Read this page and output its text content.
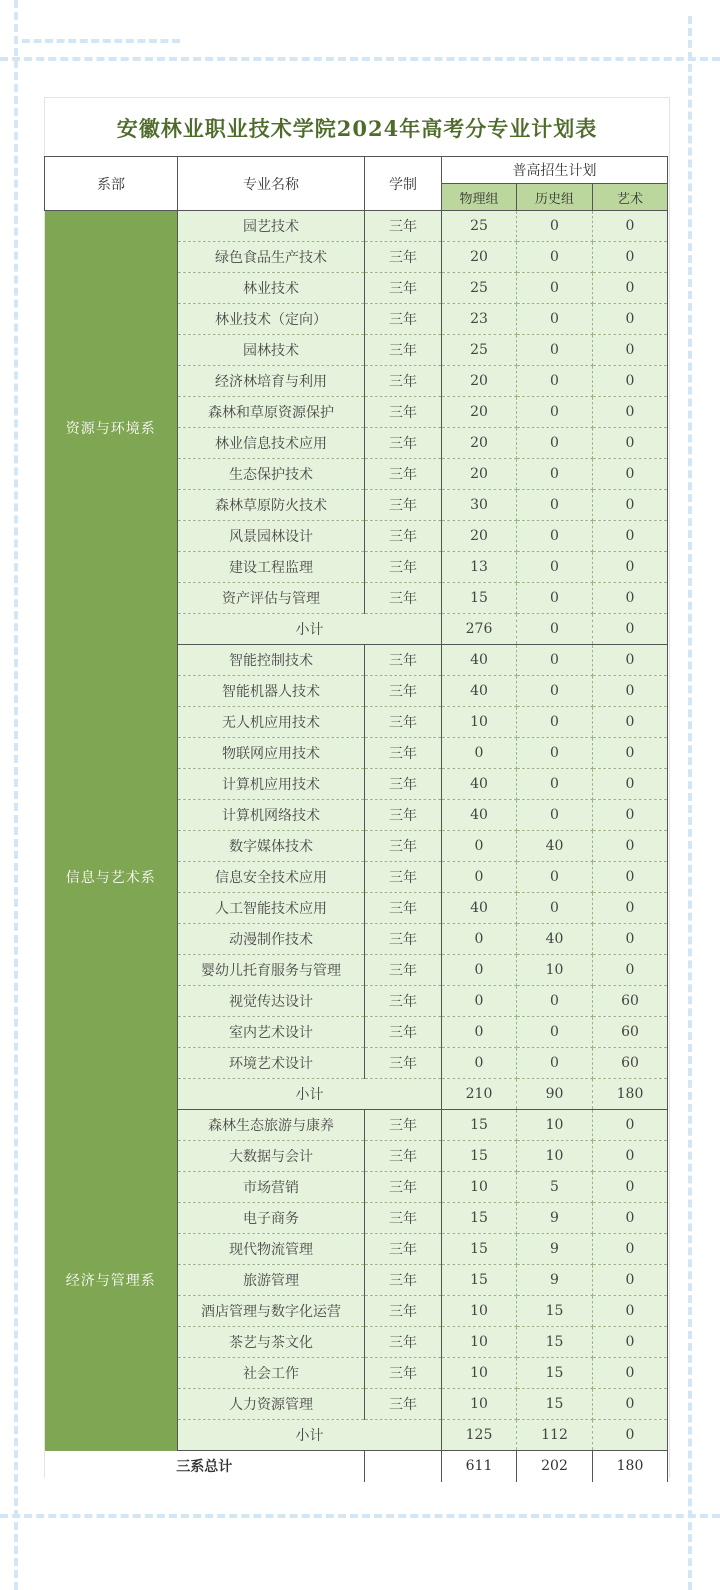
安徽林业职业技术学院2024年高考分专业计划表
系部	专业名称	学制	普高招生计划		
			物理组	历史组	艺术
资源与环境系	园艺技术	三年	25	0	0
	绿色食品生产技术	三年	20	0	0
	林业技术	三年	25	0	0
	林业技术（定向）	三年	23	0	0
	园林技术	三年	25	0	0
	经济林培育与利用	三年	20	0	0
	森林和草原资源保护	三年	20	0	0
	林业信息技术应用	三年	20	0	0
	生态保护技术	三年	20	0	0
	森林草原防火技术	三年	30	0	0
	风景园林设计	三年	20	0	0
	建设工程监理	三年	13	0	0
	资产评估与管理	三年	15	0	0
	小计		276	0	0
信息与艺术系	智能控制技术	三年	40	0	0
	智能机器人技术	三年	40	0	0
	无人机应用技术	三年	10	0	0
	物联网应用技术	三年	0	0	0
	计算机应用技术	三年	40	0	0
	计算机网络技术	三年	40	0	0
	数字媒体技术	三年	0	40	0
	信息安全技术应用	三年	0	0	0
	人工智能技术应用	三年	40	0	0
	动漫制作技术	三年	0	40	0
	婴幼儿托育服务与管理	三年	0	10	0
	视觉传达设计	三年	0	0	60
	室内艺术设计	三年	0	0	60
	环境艺术设计	三年	0	0	60
	小计		210	90	180
经济与管理系	森林生态旅游与康养	三年	15	10	0
	大数据与会计	三年	15	10	0
	市场营销	三年	10	5	0
	电子商务	三年	15	9	0
	现代物流管理	三年	15	9	0
	旅游管理	三年	15	9	0
	酒店管理与数字化运营	三年	10	15	0
	茶艺与茶文化	三年	10	15	0
	社会工作	三年	10	15	0
	人力资源管理	三年	10	15	0
	小计		125	112	0
三系总计			611	202	180
